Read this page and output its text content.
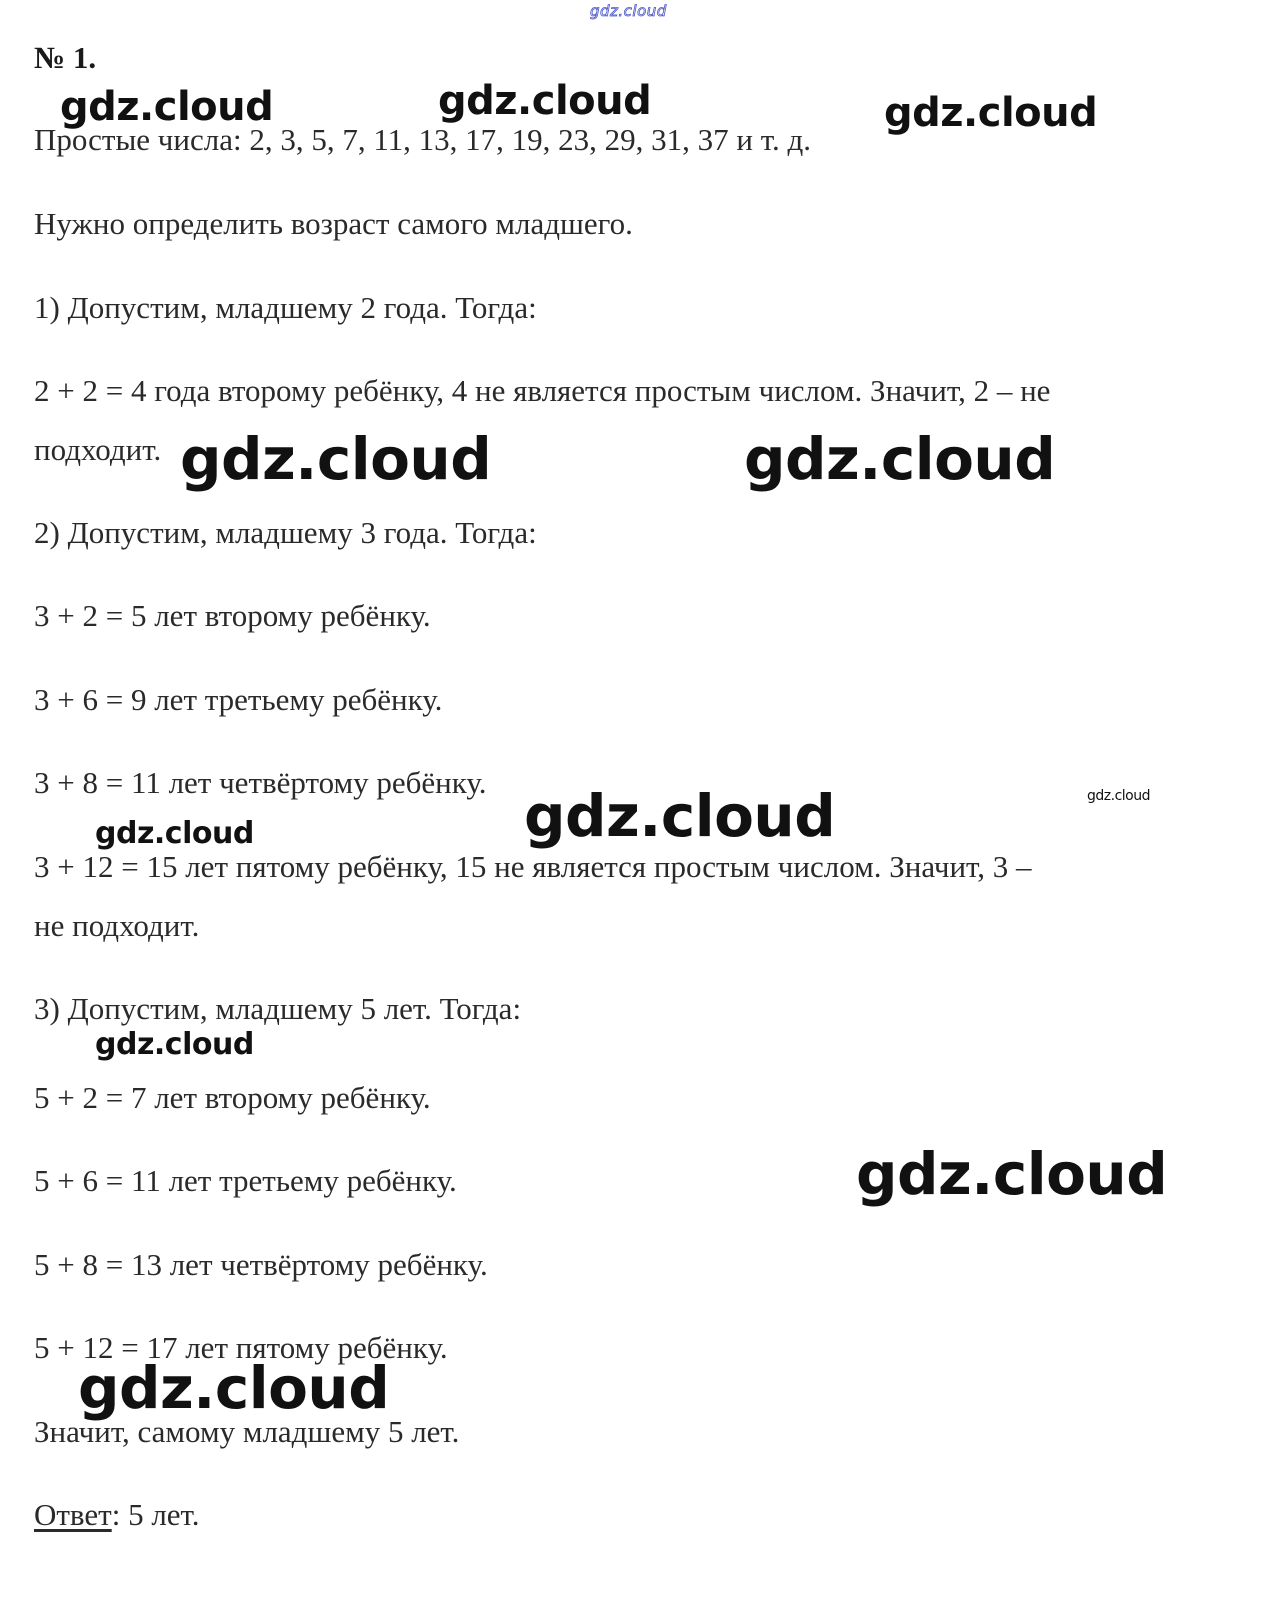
gdz.cloud
№ 1.
Простые числа: 2, 3, 5, 7, 11, 13, 17, 19, 23, 29, 31, 37 и т. д.
Нужно определить возраст самого младшего.
1) Допустим, младшему 2 года. Тогда:
2 + 2 = 4 года второму ребёнку, 4 не является простым числом. Значит, 2 – не
подходит.
2) Допустим, младшему 3 года. Тогда:
3 + 2 = 5 лет второму ребёнку.
3 + 6 = 9 лет третьему ребёнку.
3 + 8 = 11 лет четвёртому ребёнку.
3 + 12 = 15 лет пятому ребёнку, 15 не является простым числом. Значит, 3 –
не подходит.
3) Допустим, младшему 5 лет. Тогда:
5 + 2 = 7 лет второму ребёнку.
5 + 6 = 11 лет третьему ребёнку.
5 + 8 = 13 лет четвёртому ребёнку.
5 + 12 = 17 лет пятому ребёнку.
Значит, самому младшему 5 лет.
Ответ: 5 лет.
gdz.cloud	gdz.cloud	gdz.cloud
gdz.cloud	gdz.cloud
gdz.cloud
gdz.cloud
gdz.cloud
gdz.cloud
gdz.cloud
gdz.cloud
